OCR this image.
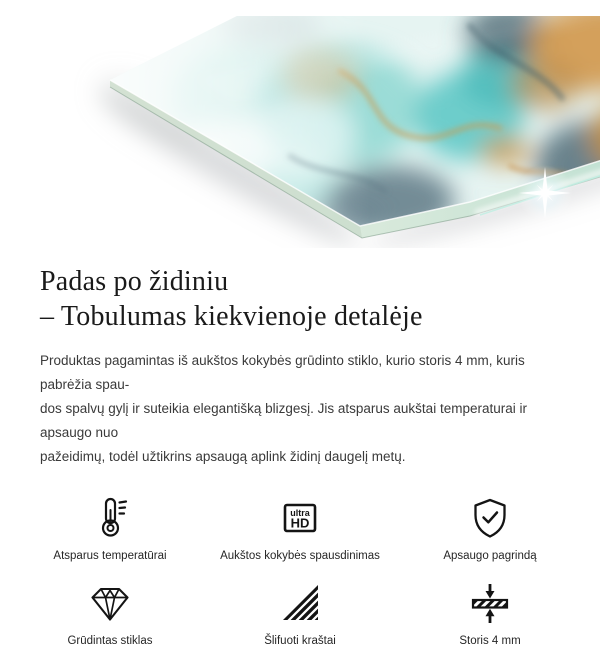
Padas po židiniu
– Tobulumas kiekvienoje detalėje
Produktas pagamintas iš aukštos kokybės grūdinto stiklo, kurio storis 4 mm, kuris pabrėžia spau-
dos spalvų gylį ir suteikia elegantišką blizgesį. Jis atsparus aukštai temperaturai ir apsaugo nuo
pažeidimų, todėl užtikrins apsaugą aplink židinį daugelį metų.
Atsparus temperatūrai
ultra
HD
Aukštos kokybės spausdinimas	Apsaugo pagrindą
Grūdintas stiklas	Šlifuoti kraštai	Storis 4 mm
